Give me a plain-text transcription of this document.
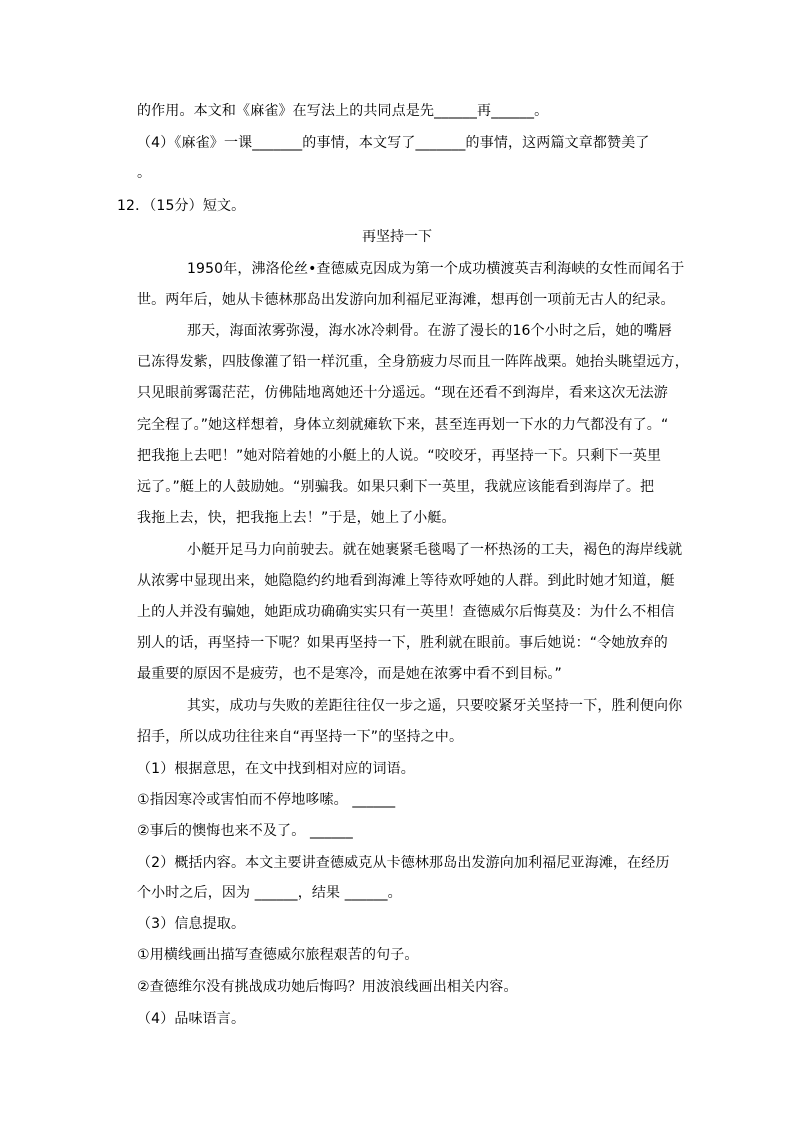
的作用。本文和《麻雀》在写法上的共同点是先______再______。
（4）《麻雀》一课_______的事情，本文写了_______的事情，这两篇文章都赞美了
。
12．（15分）短文。
再坚持一下
1950年，沸洛伦丝•查德威克因成为第一个成功横渡英吉利海峡的女性而闻名于
世。两年后，她从卡德林那岛出发游向加利福尼亚海滩，想再创一项前无古人的纪录。
那天，海面浓雾弥漫，海水冰冷刺骨。在游了漫长的16个小时之后，她的嘴唇
已冻得发紫，四肢像灌了铅一样沉重，全身筋疲力尽而且一阵阵战栗。她抬头眺望远方，
只见眼前雾霭茫茫，仿佛陆地离她还十分遥远。“现在还看不到海岸，看来这次无法游
完全程了。”她这样想着，身体立刻就瘫软下来，甚至连再划一下水的力气都没有了。“
把我拖上去吧！”她对陪着她的小艇上的人说。“咬咬牙，再坚持一下。只剩下一英里
远了。”艇上的人鼓励她。“别骗我。如果只剩下一英里，我就应该能看到海岸了。把
我拖上去，快，把我拖上去！”于是，她上了小艇。
小艇开足马力向前驶去。就在她裹紧毛毯喝了一杯热汤的工夫，褐色的海岸线就
从浓雾中显现出来，她隐隐约约地看到海滩上等待欢呼她的人群。到此时她才知道，艇
上的人并没有骗她，她距成功确确实实只有一英里！查德威尔后悔莫及：为什么不相信
别人的话，再坚持一下呢？如果再坚持一下，胜利就在眼前。事后她说：“令她放弃的
最重要的原因不是疲劳，也不是寒冷，而是她在浓雾中看不到目标。”
其实，成功与失败的差距往往仅一步之遥，只要咬紧牙关坚持一下，胜利便向你
招手，所以成功往往来自“再坚持一下”的坚持之中。
（1）根据意思，在文中找到相对应的词语。
①指因寒冷或害怕而不停地哆嗦。 ______
②事后的懊悔也来不及了。 ______
（2）概括内容。本文主要讲查德威克从卡德林那岛出发游向加利福尼亚海滩，在经历
个小时之后，因为 ______，结果 ______。
（3）信息提取。
①用横线画出描写查德威尔旅程艰苦的句子。
②查德维尔没有挑战成功她后悔吗？用波浪线画出相关内容。
（4）品味语言。
